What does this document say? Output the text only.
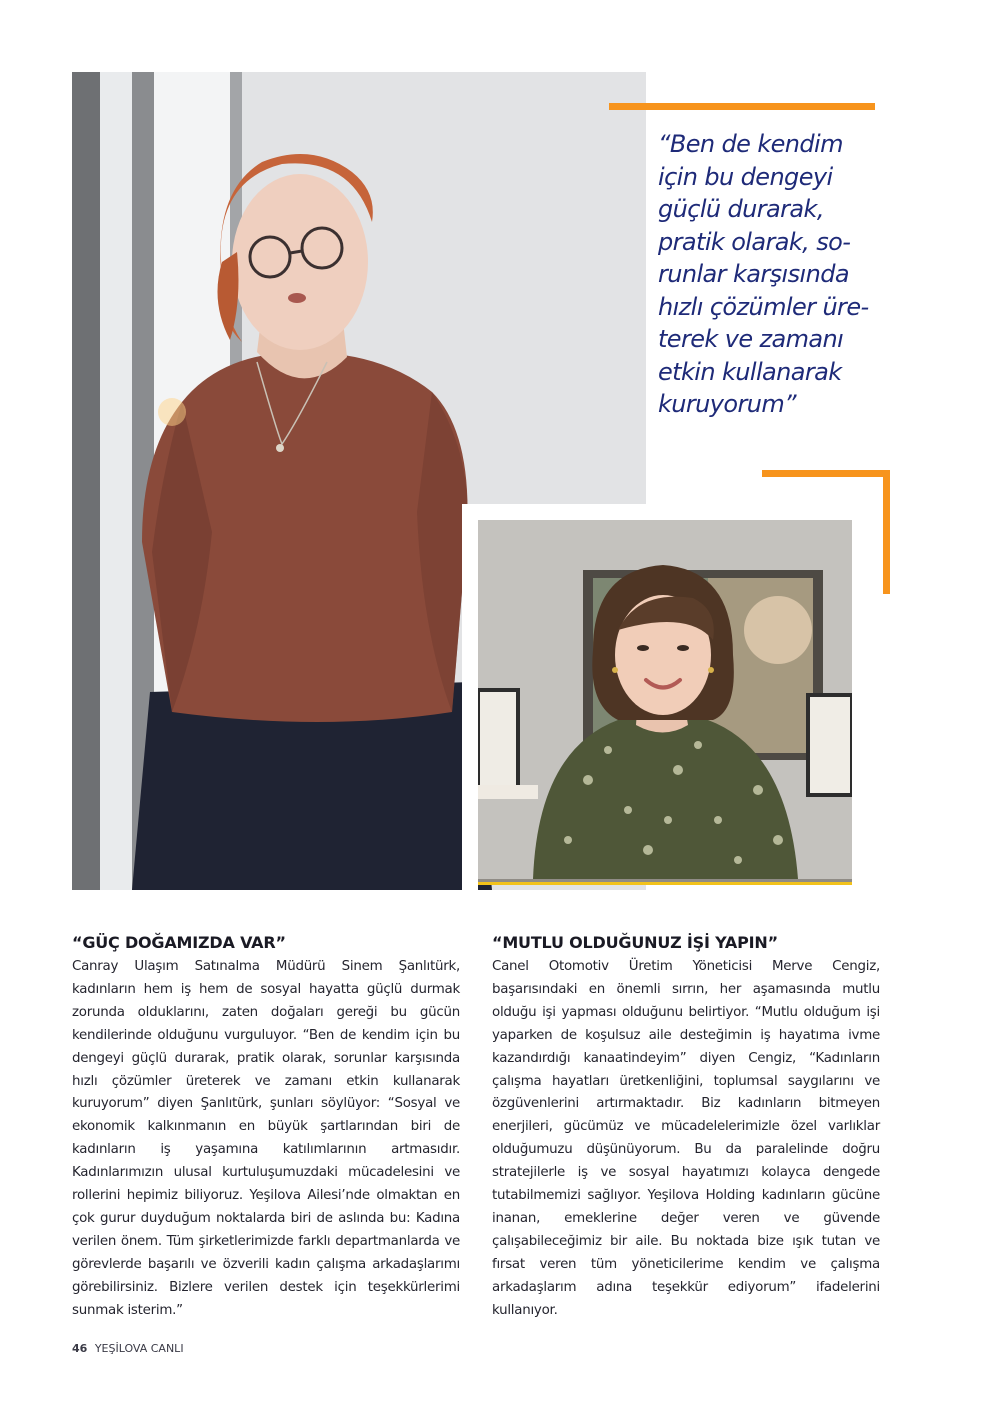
“Ben de kendim
için bu dengeyi
güçlü durarak,
pratik olarak, so-
runlar karşısında
hızlı çözümler üre-
terek ve zamanı
etkin kullanarak
kuruyorum”
“GÜÇ DOĞAMIZDA VAR”

Canray Ulaşım Satınalma Müdürü Sinem Şanlıtürk, kadınların hem iş hem de sosyal hayatta güçlü durmak zorunda olduklarını, zaten doğaları gereği bu gücün kendilerinde olduğunu vurguluyor. “Ben de kendim için bu dengeyi güçlü durarak, pratik olarak, sorunlar karşısında hızlı çözümler üreterek ve zamanı etkin kullanarak kuruyorum” diyen Şanlıtürk, şunları söylüyor: “Sosyal ve ekonomik kalkınmanın en büyük şartlarından biri de kadınların iş yaşamına katılımlarının artmasıdır. Kadınlarımızın ulusal kurtuluşumuzdaki mücadelesini ve rollerini hepimiz biliyoruz. Yeşilova Ailesi’nde olmaktan en çok gurur duyduğum noktalarda biri de aslında bu: Kadına verilen önem. Tüm şirketlerimizde farklı departmanlarda ve görevlerde başarılı ve özverili kadın çalışma arkadaşlarımı görebilirsiniz. Bizlere verilen destek için teşekkürlerimi sunmak isterim.”

“MUTLU OLDUĞUNUZ İŞİ YAPIN”

Canel Otomotiv Üretim Yöneticisi Merve Cengiz, başarısındaki en önemli sırrın, her aşamasında mutlu olduğu işi yapması olduğunu belirtiyor. “Mutlu olduğum işi yaparken de koşulsuz aile desteğimin iş hayatıma ivme kazandırdığı kanaatindeyim” diyen Cengiz, “Kadınların çalışma hayatları üretkenliğini, toplumsal saygılarını ve özgüvenlerini artırmaktadır. Biz kadınların bitmeyen enerjileri, gücümüz ve mücadelelerimizle özel varlıklar olduğumuzu düşünüyorum. Bu da paralelinde doğru stratejilerle iş ve sosyal hayatımızı kolayca dengede tutabilmemizi sağlıyor. Yeşilova Holding kadınların gücüne inanan, emeklerine değer veren ve güvende çalışabileceğimiz bir aile. Bu noktada bize ışık tutan ve fırsat veren tüm yöneticilerime kendim ve çalışma arkadaşlarım adına teşekkür ediyorum” ifadelerini kullanıyor.

46 YEŞİLOVA CANLI
